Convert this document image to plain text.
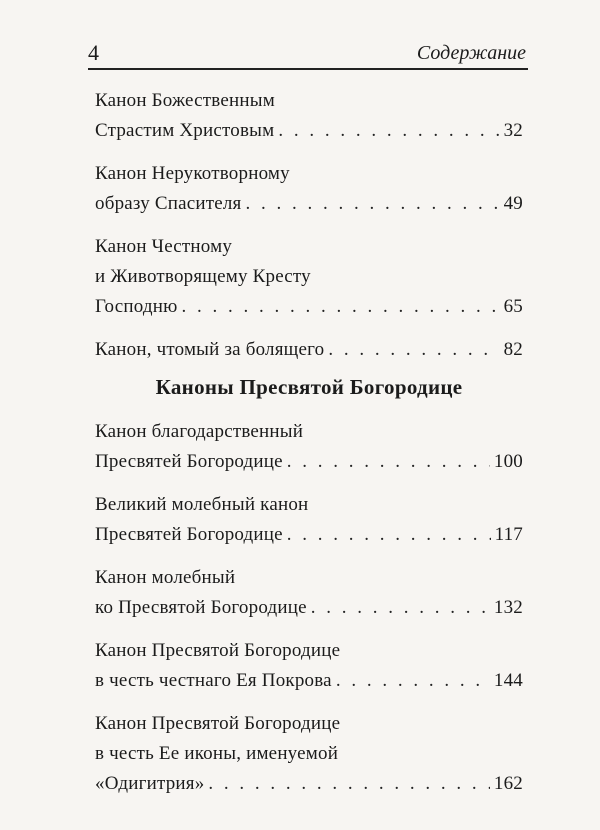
4	Содержание
Канон Божественным
Страстим Христовым . . .	32
Канон Нерукотворному
образу Спасителя . . .	49
Канон Честному
и Животворящему Кресту
Господню . . .	65
Канон, чтомый за болящего . . .	82
Каноны Пресвятой Богородице
Канон благодарственный
Пресвятей Богородице . . .	100
Великий молебный канон
Пресвятей Богородице . . .	117
Канон молебный
ко Пресвятой Богородице . . .	132
Канон Пресвятой Богородице
в честь честнаго Ея Покрова . . .	144
Канон Пресвятой Богородице
в честь Ее иконы, именуемой
«Одигитрия» . . .	162
